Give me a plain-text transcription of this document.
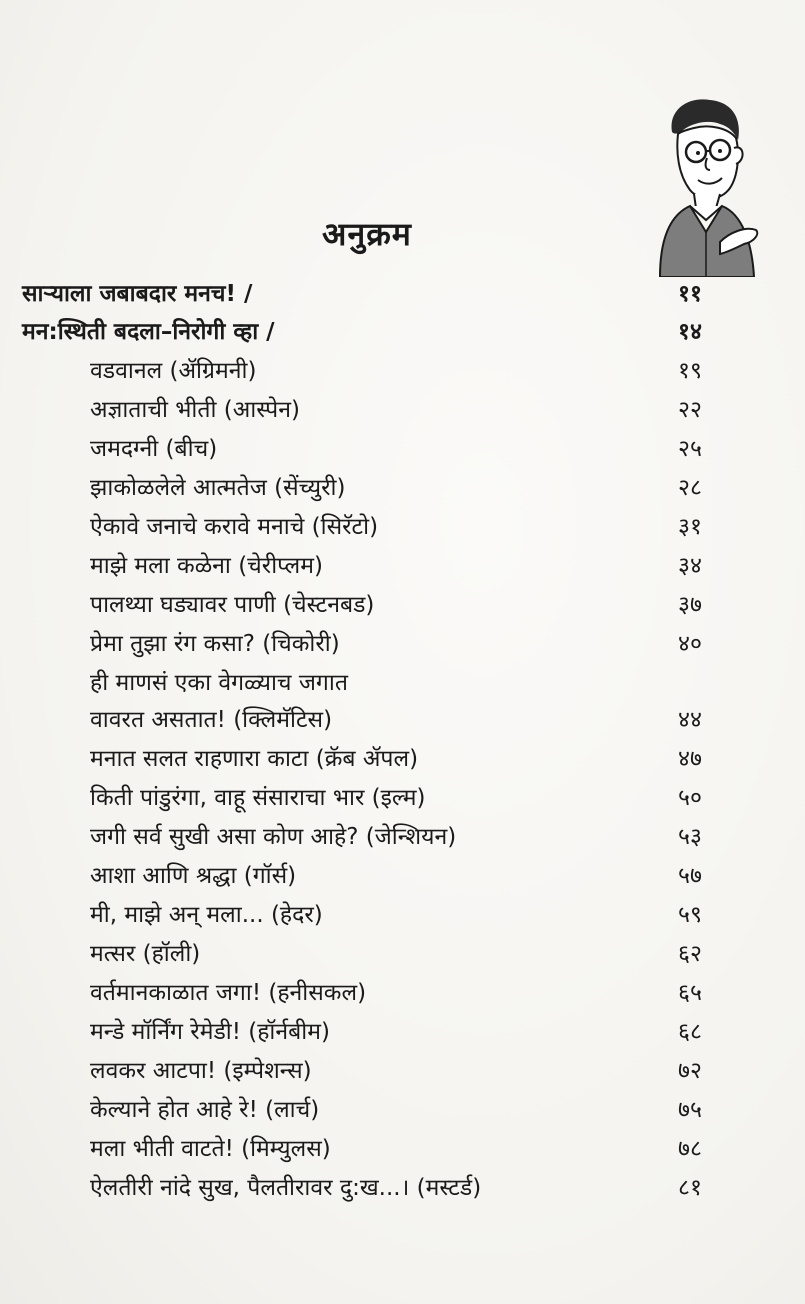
अनुक्रम
साऱ्याला जबाबदार मनच! /	११
मन:स्थिती बदला–निरोगी व्हा /	१४
वडवानल (ॲग्रिमनी)	१९
अज्ञाताची भीती (आस्पेन)	२२
जमदग्नी (बीच)	२५
झाकोळलेले आत्मतेज (सेंच्युरी)	२८
ऐकावे जनाचे करावे मनाचे (सिरॅटो)	३१
माझे मला कळेना (चेरीप्लम)	३४
पालथ्या घड्यावर पाणी (चेस्टनबड)	३७
प्रेमा तुझा रंग कसा? (चिकोरी)	४०
ही माणसं एका वेगळ्याच जगात
वावरत असतात! (क्लिमॅटिस)	४४
मनात सलत राहणारा काटा (क्रॅब ॲपल)	४७
किती पांडुरंगा, वाहू संसाराचा भार (इल्म)	५०
जगी सर्व सुखी असा कोण आहे? (जेन्शियन)	५३
आशा आणि श्रद्धा (गॉर्स)	५७
मी, माझे अन् मला... (हेदर)	५९
मत्सर (हॉली)	६२
वर्तमानकाळात जगा! (हनीसकल)	६५
मन्डे मॉर्निंग रेमेडी! (हॉर्नबीम)	६८
लवकर आटपा! (इम्पेशन्स)	७२
केल्याने होत आहे रे! (लार्च)	७५
मला भीती वाटते! (मिम्युलस)	७८
ऐलतीरी नांदे सुख, पैलतीरावर दु:ख...। (मस्टर्ड)	८१
